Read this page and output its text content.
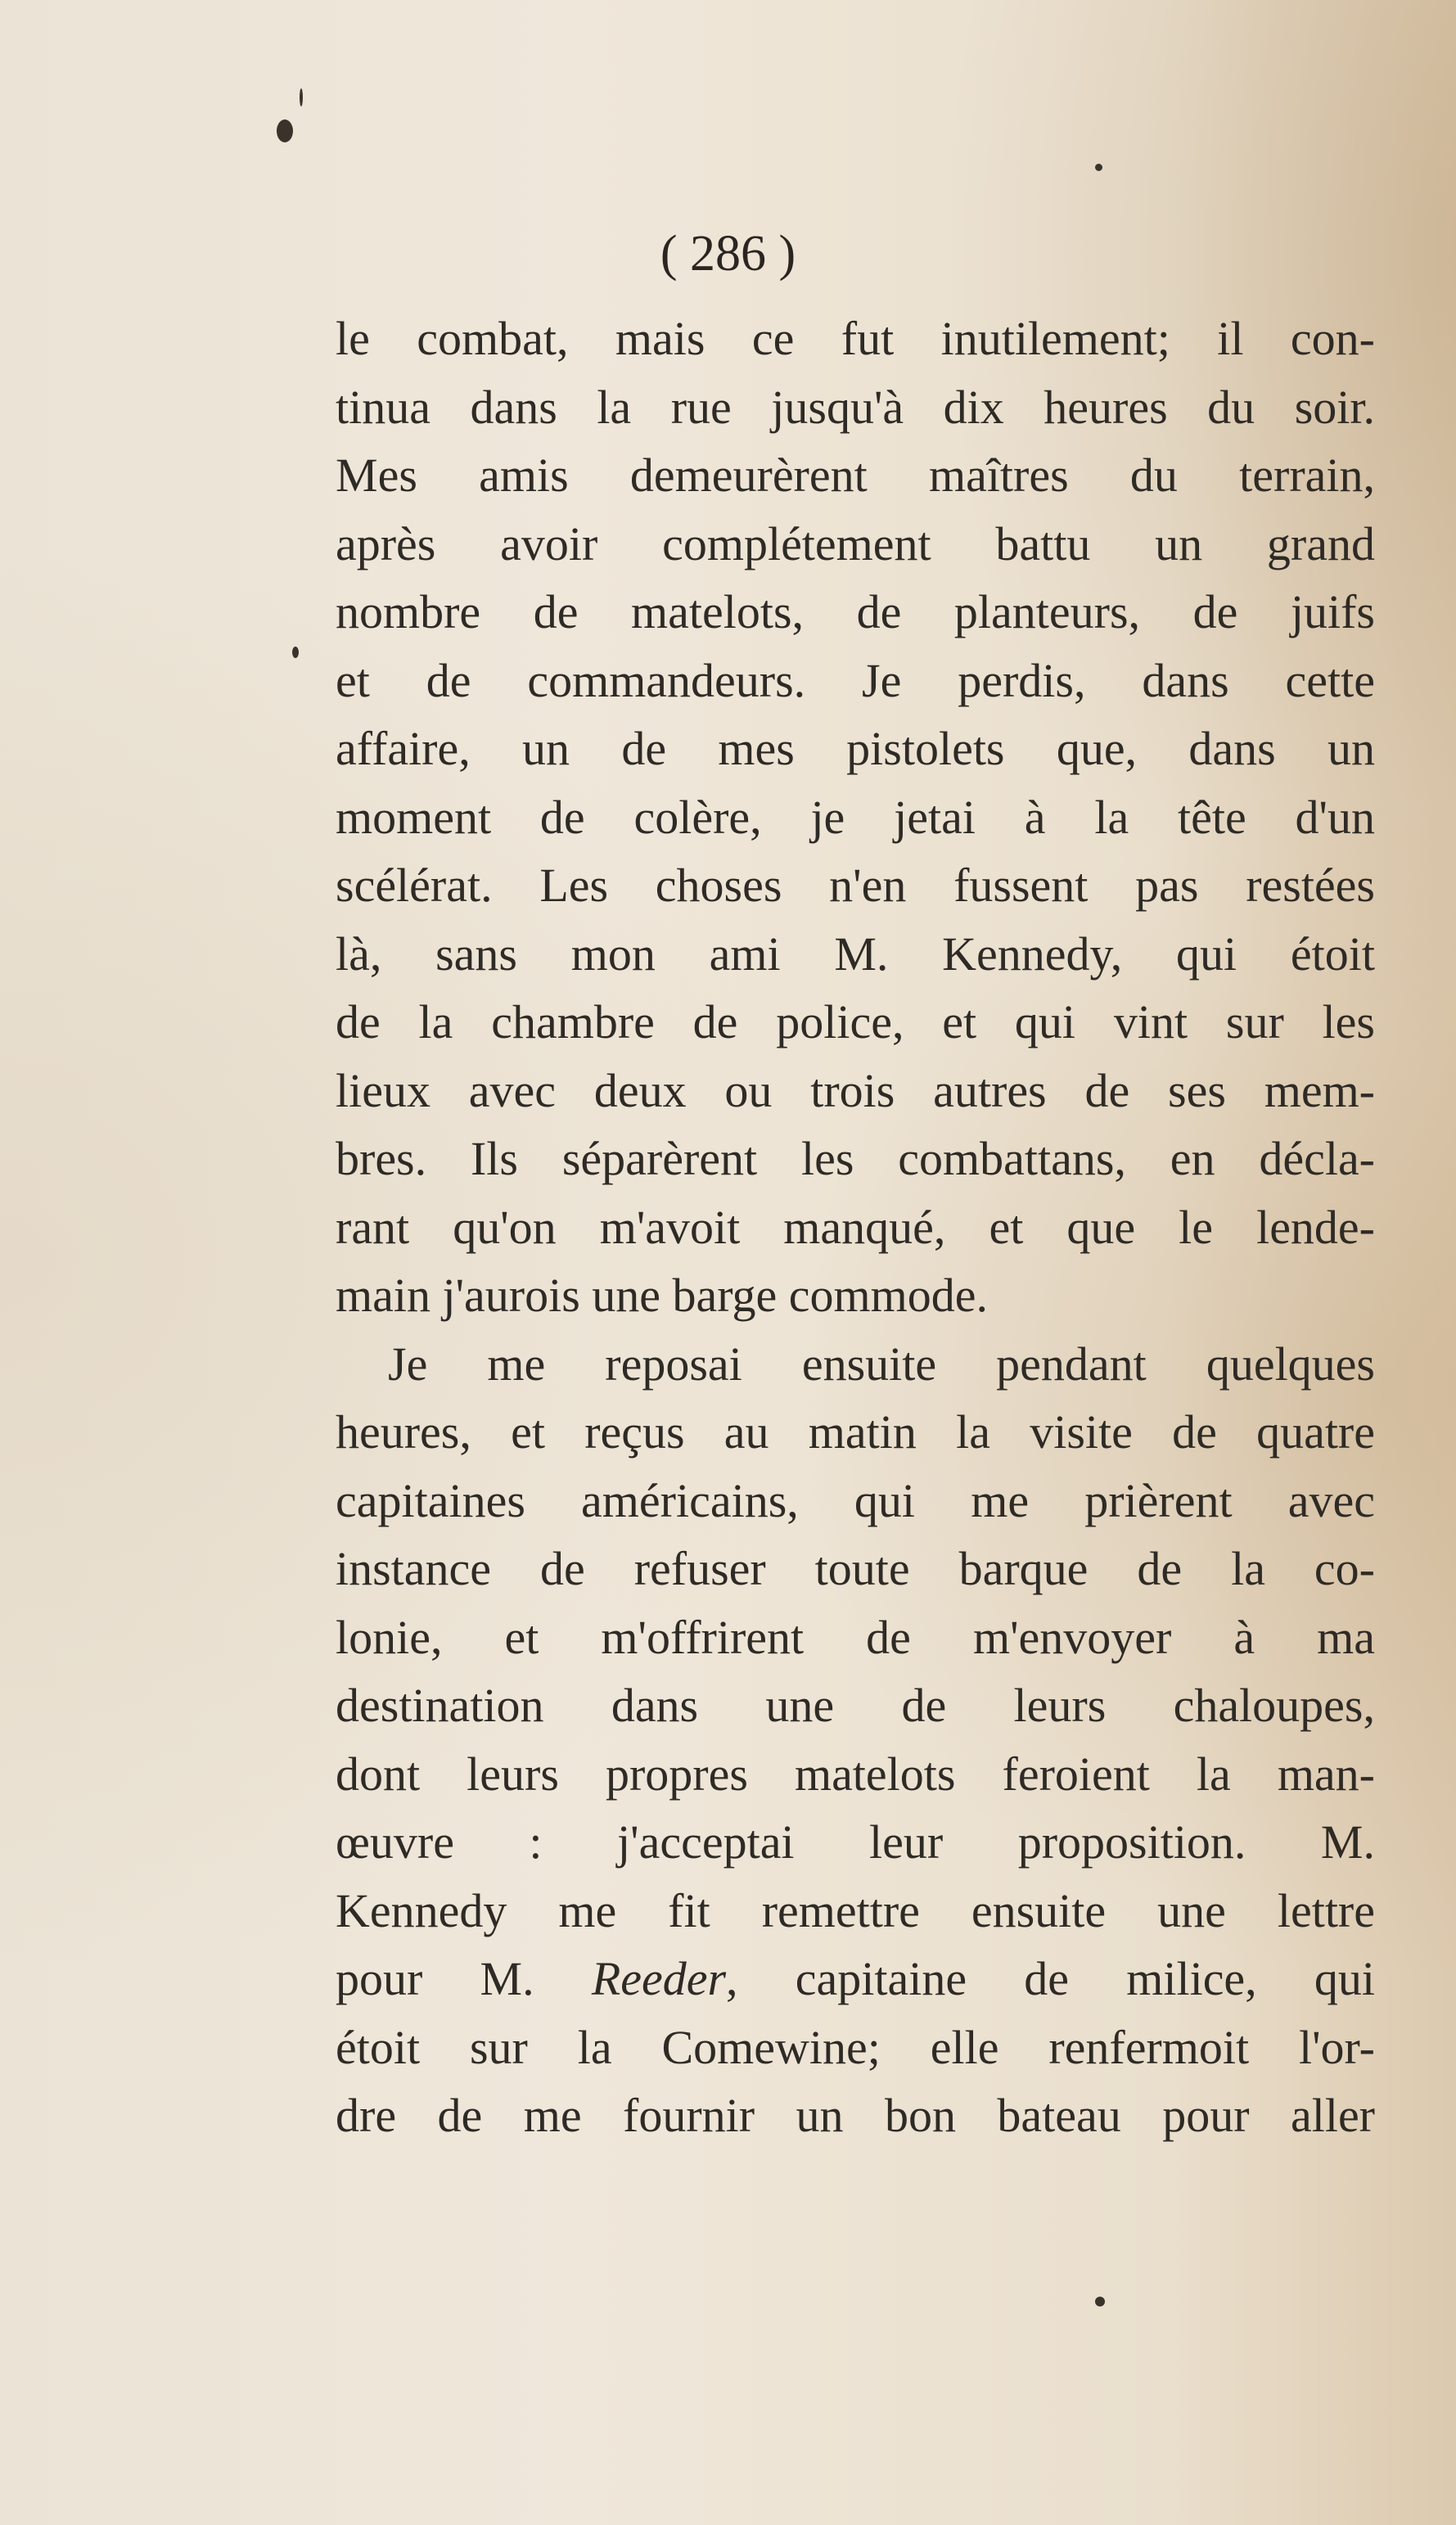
( 286 )
le combat, mais ce fut inutilement; il con-
tinua dans la rue jusqu'à dix heures du soir.
Mes amis demeurèrent maîtres du terrain,
après avoir complétement battu un grand
nombre de matelots, de planteurs, de juifs
et de commandeurs. Je perdis, dans cette
affaire, un de mes pistolets que, dans un
moment de colère, je jetai à la tête d'un
scélérat. Les choses n'en fussent pas restées
là, sans mon ami M. Kennedy, qui étoit
de la chambre de police, et qui vint sur les
lieux avec deux ou trois autres de ses mem-
bres. Ils séparèrent les combattans, en décla-
rant qu'on m'avoit manqué, et que le lende-
main j'aurois une barge commode.
Je me reposai ensuite pendant quelques
heures, et reçus au matin la visite de quatre
capitaines américains, qui me prièrent avec
instance de refuser toute barque de la co-
lonie, et m'offrirent de m'envoyer à ma
destination dans une de leurs chaloupes,
dont leurs propres matelots feroient la man-
œuvre : j'acceptai leur proposition. M.
Kennedy me fit remettre ensuite une lettre
pour M. Reeder, capitaine de milice, qui
étoit sur la Comewine; elle renfermoit l'or-
dre de me fournir un bon bateau pour aller
